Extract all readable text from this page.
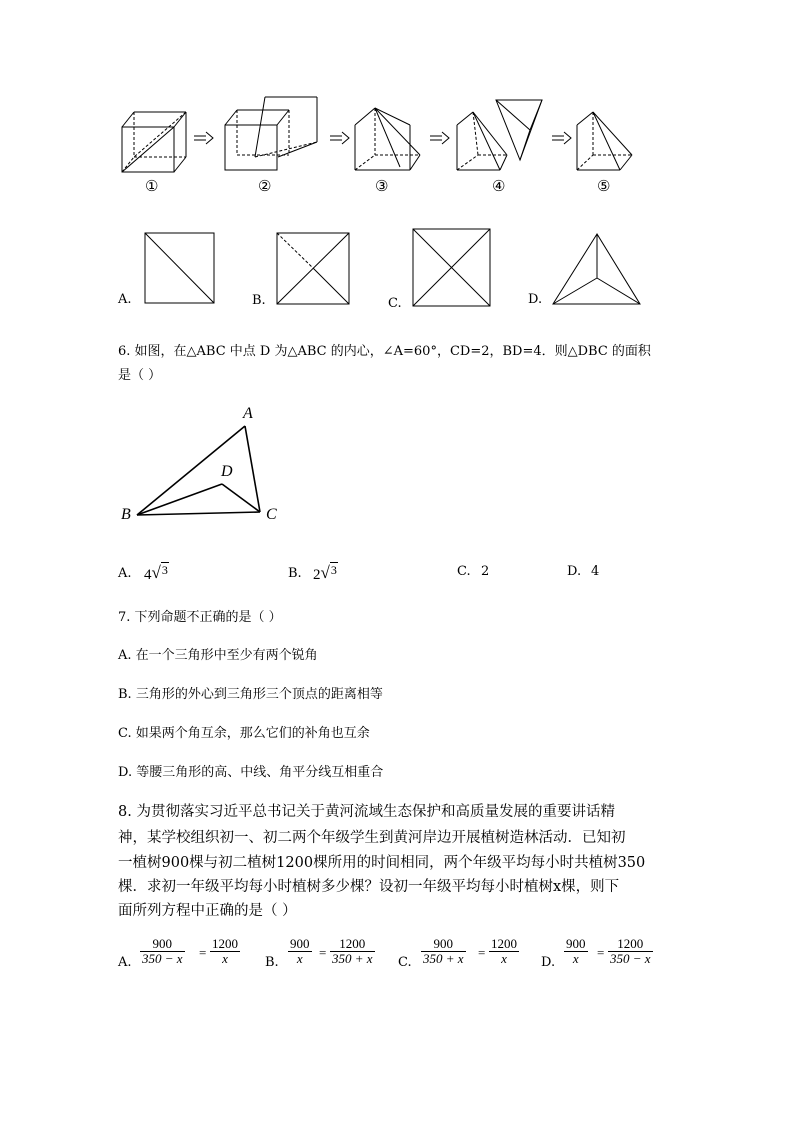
①	②	③	④	⑤
A.	B.	C.	D.
6. 如图，在△ABC 中点 D 为△ABC 的内心，∠A=60°，CD=2，BD=4．则△DBC 的面积
是（ ）
A
D
B	C
A. 4√3	B. 2√3	C. 2	D. 4
7. 下列命题不正确的是（ ）
A. 在一个三角形中至少有两个锐角
B. 三角形的外心到三角形三个顶点的距离相等
C. 如果两个角互余，那么它们的补角也互余
D. 等腰三角形的高、中线、角平分线互相重合
8. 为贯彻落实习近平总书记关于黄河流域生态保护和高质量发展的重要讲话精
神，某学校组织初一、初二两个年级学生到黄河岸边开展植树造林活动．已知初
一植树900棵与初二植树1200棵所用的时间相同，两个年级平均每小时共植树350
棵．求初一年级平均每小时植树多少棵？设初一年级平均每小时植树x棵，则下
面所列方程中正确的是（ ）
A. $\frac{900}{350 - x} = \frac{1200}{x} B$. $\frac{900}{x} = \frac{1200}{350 + x} C$. $\frac{900}{350 + x} = \frac{1200}{x} D$. $\frac{900}{x} = \frac{1200}{350 - x}$
